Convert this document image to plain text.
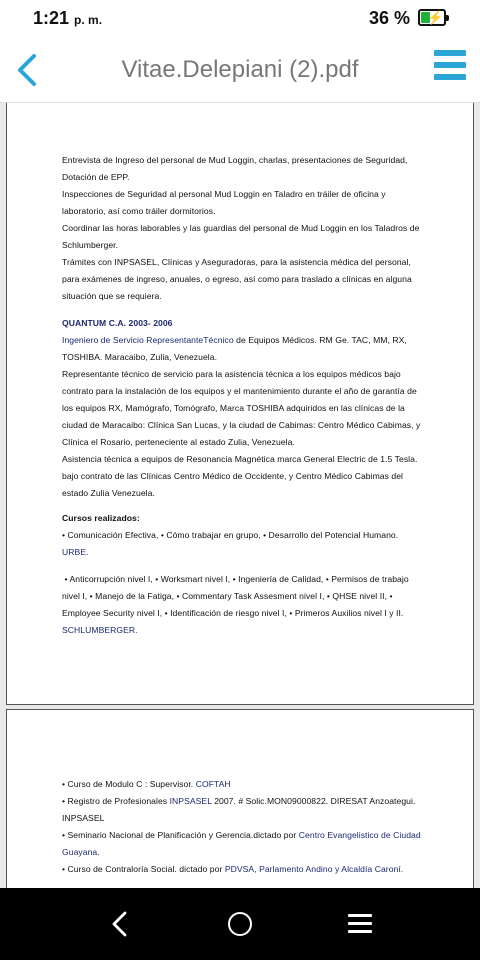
1:21 p. m.	36 % ⚡
Vitae.Delepiani (2).pdf

Entrevista de Ingreso del personal de Mud Loggin, charlas, presentaciones de Seguridad, Dotación de EPP.

Inspecciones de Seguridad al personal Mud Loggin en Taladro en tráiler de oficina y laboratorio, así como tráiler dormitorios.

Coordinar las horas laborables y las guardias del personal de Mud Loggin en los Taladros de Schlumberger.

Trámites con INPSASEL, Clínicas y Aseguradoras, para la asistencia médica del personal, para exámenes de ingreso, anuales, o egreso, así como para traslado a clínicas en alguna situación que se requiera.

QUANTUM C.A. 2003- 2006

Ingeniero de Servicio RepresentanteTécnico de Equipos Médicos. RM Ge. TAC, MM, RX, TOSHIBA. Maracaibo, Zulia, Venezuela.

Representante técnico de servicio para la asistencia técnica a los equipos médicos bajo contrato para la instalación de los equipos y el mantenimiento durante el año de garantía de los equipos RX, Mamógrafo, Tomógrafo, Marca TOSHIBA adquiridos en las clínicas de la ciudad de Maracaibo: Clínica San Lucas, y la ciudad de Cabimas: Centro Médico Cabimas, y Clínica el Rosario, perteneciente al estado Zulia, Venezuela.

Asistencia técnica a equipos de Resonancia Magnética marca General Electric de 1.5 Tesla. bajo contrato de las Clínicas Centro Médico de Occidente, y Centro Médico Cabimas del estado Zulia Venezuela.

Cursos realizados:

• Comunicación Efectiva, • Cómo trabajar en grupo, • Desarrollo del Potencial Humano. URBE.

• Anticorrupción nivel I, • Worksmart nivel I, • Ingeniería de Calidad, • Permisos de trabajo nivel I, • Manejo de la Fatiga, • Commentary Task Assesment nivel I, • QHSE nivel II, • Employee Security nivel I, • Identificación de riesgo nivel I, • Primeros Auxilios nivel I y II. SCHLUMBERGER.

• Curso de Modulo C : Supervisor. COFTAH

• Registro de Profesionales INPSASEL 2007. # Solic.MON09000822. DIRESAT Anzoategui. INPSASEL

• Seminario Nacional de Planificación y Gerencia.dictado por Centro Evangelistico de Ciudad Guayana.

• Curso de Contraloría Social. dictado por PDVSA, Parlamento Andino y Alcaldía Caroní.
